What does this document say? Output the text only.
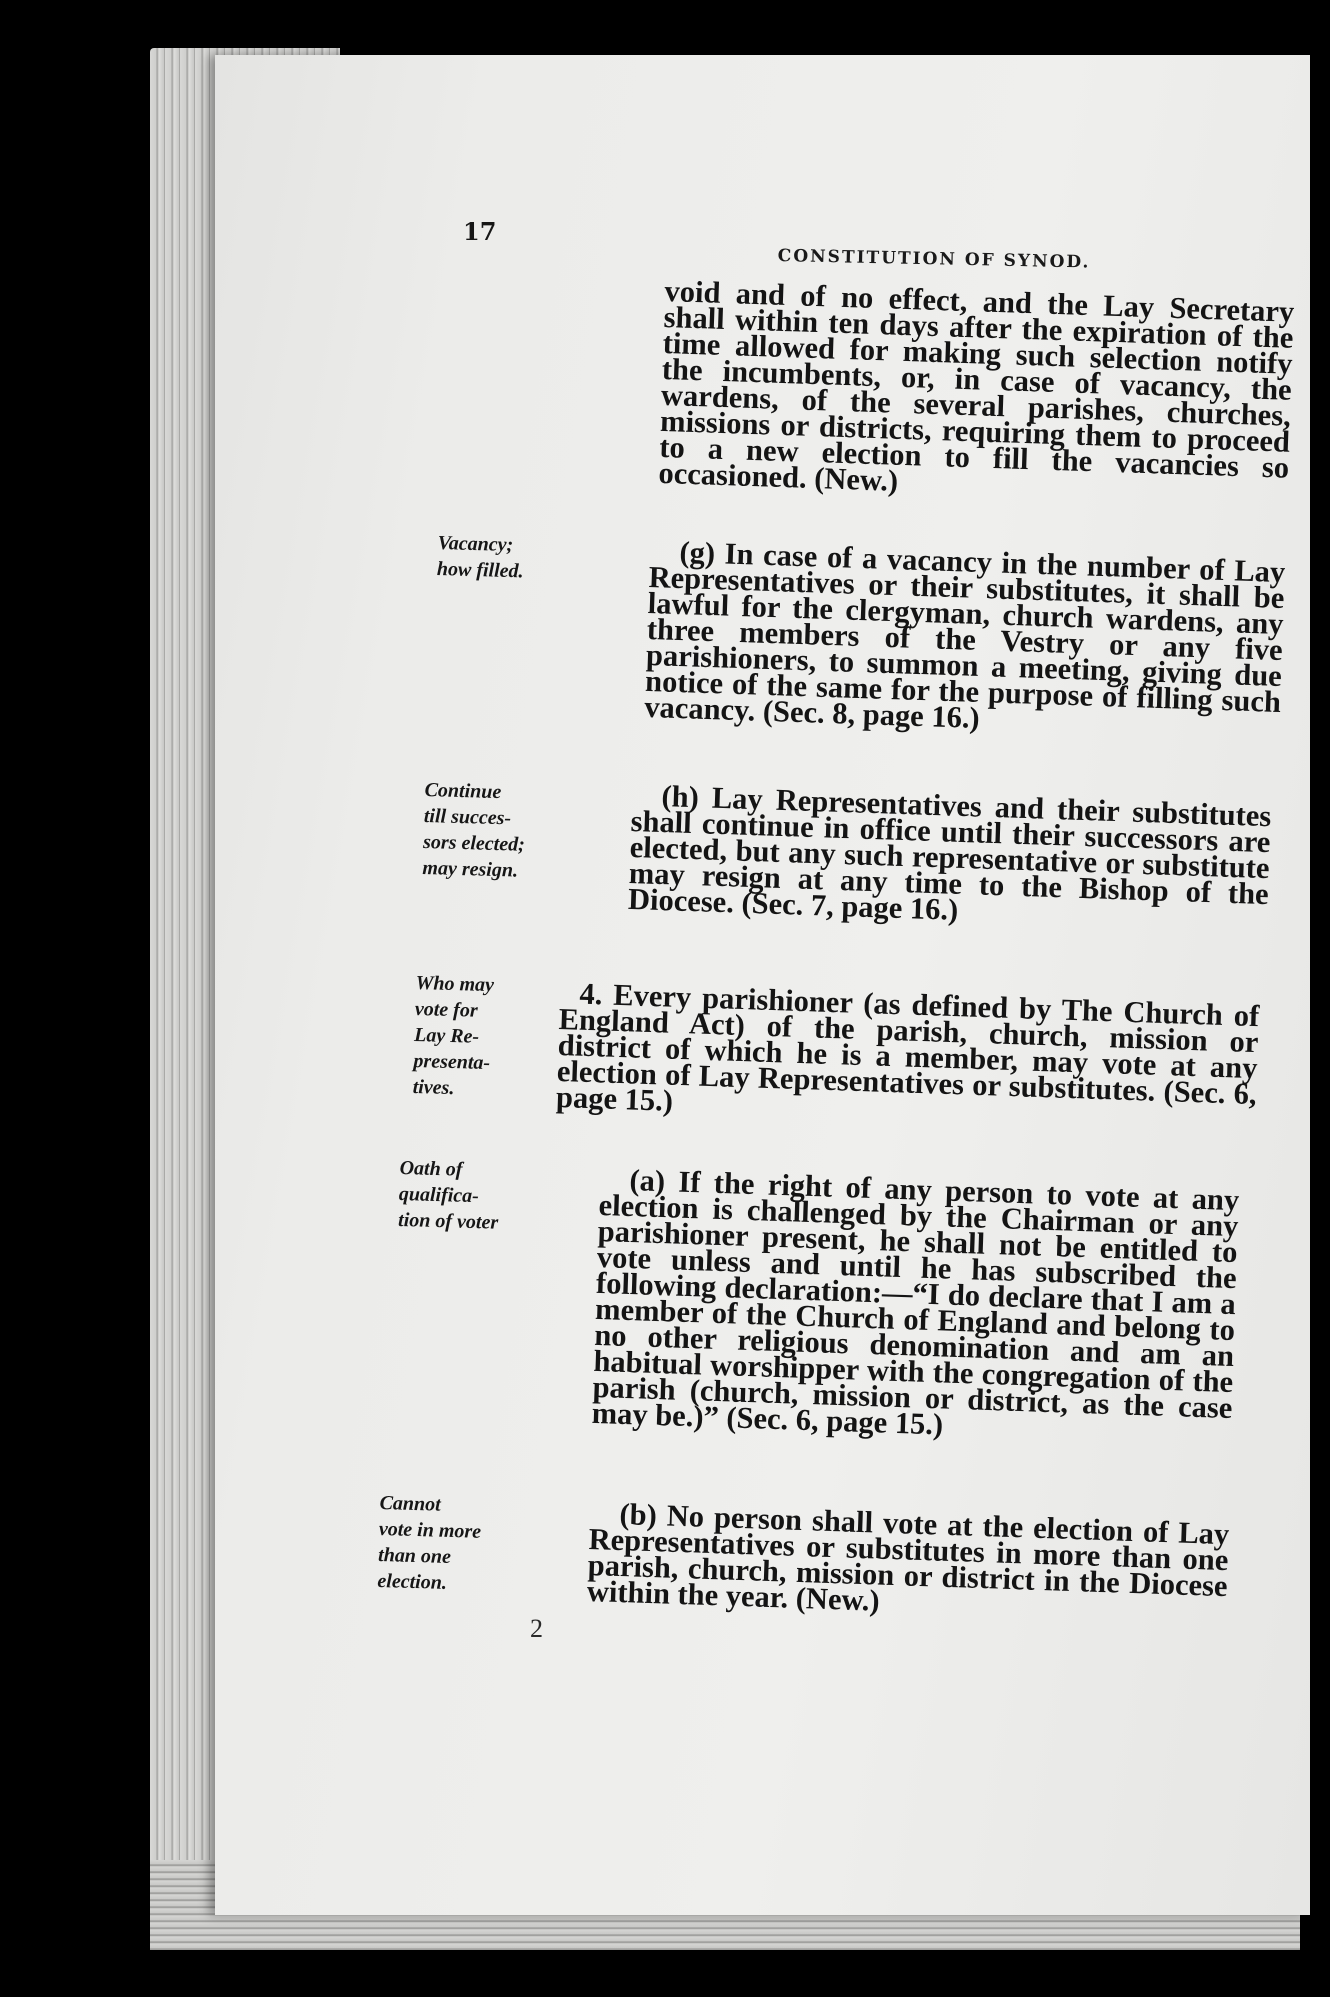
17
CONSTITUTION OF SYNOD.
void and of no effect, and the Lay Secretary shall within ten days after the expiration of the time allowed for making such selection notify the incumbents, or, in case of vacancy, the wardens, of the several parishes, churches, missions or districts, requiring them to proceed to a new election to fill the vacancies so occasioned. (New.)
Vacancy;
how filled.	(g) In case of a vacancy in the number of Lay Representatives or their substitutes, it shall be lawful for the clergyman, church wardens, any three members of the Vestry or any five parishioners, to summon a meeting, giving due notice of the same for the purpose of filling such vacancy. (Sec. 8, page 16.)
Continue
till succes-
sors elected;
may resign.
(h) Lay Representatives and their substitutes shall continue in office until their successors are elected, but any such representative or substitute may resign at any time to the Bishop of the Diocese. (Sec. 7, page 16.)
Who may
vote for
Lay Re-
presenta-
tives.
4. Every parishioner (as defined by The Church of England Act) of the parish, church, mission or district of which he is a member, may vote at any election of Lay Representatives or substitutes. (Sec. 6, page 15.)
Oath of
qualifica-
tion of voter
(a) If the right of any person to vote at any election is challenged by the Chairman or any parishioner present, he shall not be entitled to vote unless and until he has subscribed the following declaration:—“I do declare that I am a member of the Church of England and belong to no other religious denomination and am an habitual worshipper with the congregation of the parish (church, mission or district, as the case may be.)” (Sec. 6, page 15.)
Cannot
vote in more
than one
election.
(b) No person shall vote at the election of Lay Representatives or substitutes in more than one parish, church, mission or district in the Diocese within the year. (New.)
2
